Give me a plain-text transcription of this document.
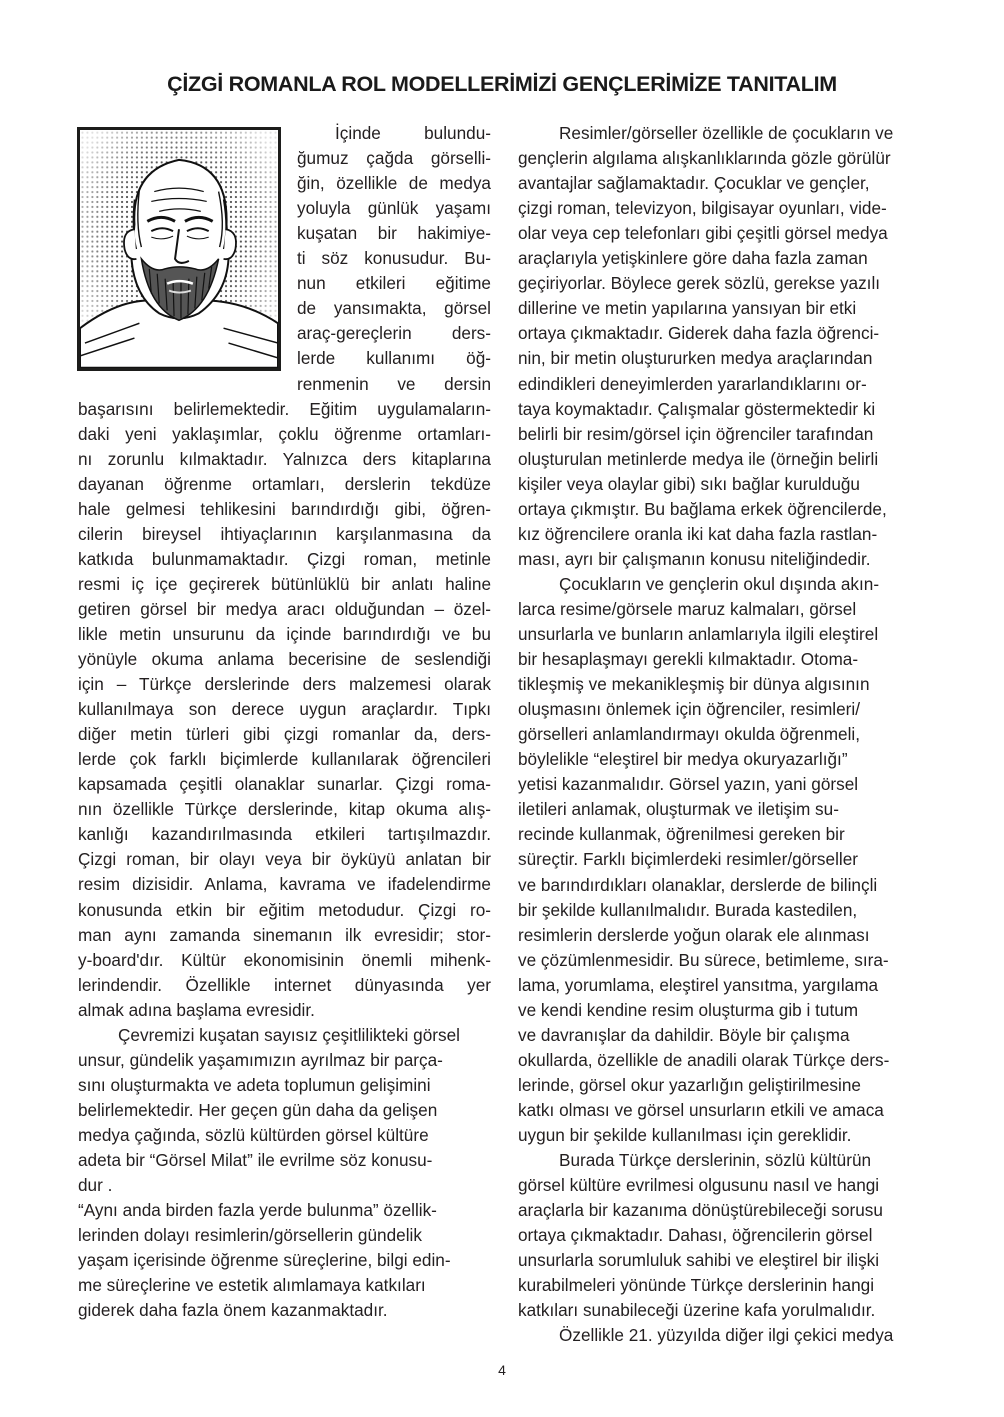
ÇİZGİ ROMANLA ROL MODELLERİMİZİ GENÇLERİMİZE TANITALIM
İçinde bulundu-
ğumuz çağda görselli-
ğin, özellikle de medya
yoluyla günlük yaşamı
kuşatan bir hakimiye-
ti söz konusudur. Bu-
nun etkileri eğitime
de yansımakta, görsel
araç-gereçlerin ders-
lerde kullanımı öğ-
renmenin ve dersin
başarısını belirlemektedir. Eğitim uygulamaların-
daki yeni yaklaşımlar, çoklu öğrenme ortamları-
nı zorunlu kılmaktadır. Yalnızca ders kitaplarına
dayanan öğrenme ortamları, derslerin tekdüze
hale gelmesi tehlikesini barındırdığı gibi, öğren-
cilerin bireysel ihtiyaçlarının karşılanmasına da
katkıda bulunmamaktadır. Çizgi roman, metinle
resmi iç içe geçirerek bütünlüklü bir anlatı haline
getiren görsel bir medya aracı olduğundan – özel-
likle metin unsurunu da içinde barındırdığı ve bu
yönüyle okuma anlama becerisine de seslendiği
için – Türkçe derslerinde ders malzemesi olarak
kullanılmaya son derece uygun araçlardır. Tıpkı
diğer metin türleri gibi çizgi romanlar da, ders-
lerde çok farklı biçimlerde kullanılarak öğrencileri
kapsamada çeşitli olanaklar sunarlar. Çizgi roma-
nın özellikle Türkçe derslerinde, kitap okuma alış-
kanlığı kazandırılmasında etkileri tartışılmazdır.
Çizgi roman, bir olayı veya bir öyküyü anlatan bir
resim dizisidir. Anlama, kavrama ve ifadelendirme
konusunda etkin bir eğitim metodudur. Çizgi ro-
man aynı zamanda sinemanın ilk evresidir; stor-
y-board'dır. Kültür ekonomisinin önemli mihenk-
lerindendir. Özellikle internet dünyasında yer
almak adına başlama evresidir.
Çevremizi kuşatan sayısız çeşitlilikteki görsel
unsur, gündelik yaşamımızın ayrılmaz bir parça-
sını oluşturmakta ve adeta toplumun gelişimini
belirlemektedir. Her geçen gün daha da gelişen
medya çağında, sözlü kültürden görsel kültüre
adeta bir “Görsel Milat” ile evrilme söz konusu-
dur .
“Aynı anda birden fazla yerde bulunma” özellik-
lerinden dolayı resimlerin/görsellerin gündelik
yaşam içerisinde öğrenme süreçlerine, bilgi edin-
me süreçlerine ve estetik alımlamaya katkıları
giderek daha fazla önem kazanmaktadır.
Resimler/görseller özellikle de çocukların ve
gençlerin algılama alışkanlıklarında gözle görülür
avantajlar sağlamaktadır. Çocuklar ve gençler,
çizgi roman, televizyon, bilgisayar oyunları, vide-
olar veya cep telefonları gibi çeşitli görsel medya
araçlarıyla yetişkinlere göre daha fazla zaman
geçiriyorlar. Böylece gerek sözlü, gerekse yazılı
dillerine ve metin yapılarına yansıyan bir etki
ortaya çıkmaktadır. Giderek daha fazla öğrenci-
nin, bir metin oluştururken medya araçlarından
edindikleri deneyimlerden yararlandıklarını or-
taya koymaktadır. Çalışmalar göstermektedir ki
belirli bir resim/görsel için öğrenciler tarafından
oluşturulan metinlerde medya ile (örneğin belirli
kişiler veya olaylar gibi) sıkı bağlar kurulduğu
ortaya çıkmıştır. Bu bağlama erkek öğrencilerde,
kız öğrencilere oranla iki kat daha fazla rastlan-
ması, ayrı bir çalışmanın konusu niteliğindedir.
Çocukların ve gençlerin okul dışında akın-
larca resime/görsele maruz kalmaları, görsel
unsurlarla ve bunların anlamlarıyla ilgili eleştirel
bir hesaplaşmayı gerekli kılmaktadır. Otoma-
tikleşmiş ve mekanikleşmiş bir dünya algısının
oluşmasını önlemek için öğrenciler, resimleri/
görselleri anlamlandırmayı okulda öğrenmeli,
böylelikle “eleştirel bir medya okuryazarlığı”
yetisi kazanmalıdır. Görsel yazın, yani görsel
iletileri anlamak, oluşturmak ve iletişim su-
recinde kullanmak, öğrenilmesi gereken bir
süreçtir. Farklı biçimlerdeki resimler/görseller
ve barındırdıkları olanaklar, derslerde de bilinçli
bir şekilde kullanılmalıdır. Burada kastedilen,
resimlerin derslerde yoğun olarak ele alınması
ve çözümlenmesidir. Bu sürece, betimleme, sıra-
lama, yorumlama, eleştirel yansıtma, yargılama
ve kendi kendine resim oluşturma gib i tutum
ve davranışlar da dahildir. Böyle bir çalışma
okullarda, özellikle de anadili olarak Türkçe ders-
lerinde, görsel okur yazarlığın geliştirilmesine
katkı olması ve görsel unsurların etkili ve amaca
uygun bir şekilde kullanılması için gereklidir.
Burada Türkçe derslerinin, sözlü kültürün
görsel kültüre evrilmesi olgusunu nasıl ve hangi
araçlarla bir kazanıma dönüştürebileceği sorusu
ortaya çıkmaktadır. Dahası, öğrencilerin görsel
unsurlarla sorumluluk sahibi ve eleştirel bir ilişki
kurabilmeleri yönünde Türkçe derslerinin hangi
katkıları sunabileceği üzerine kafa yorulmalıdır.
Özellikle 21. yüzyılda diğer ilgi çekici medya
4
